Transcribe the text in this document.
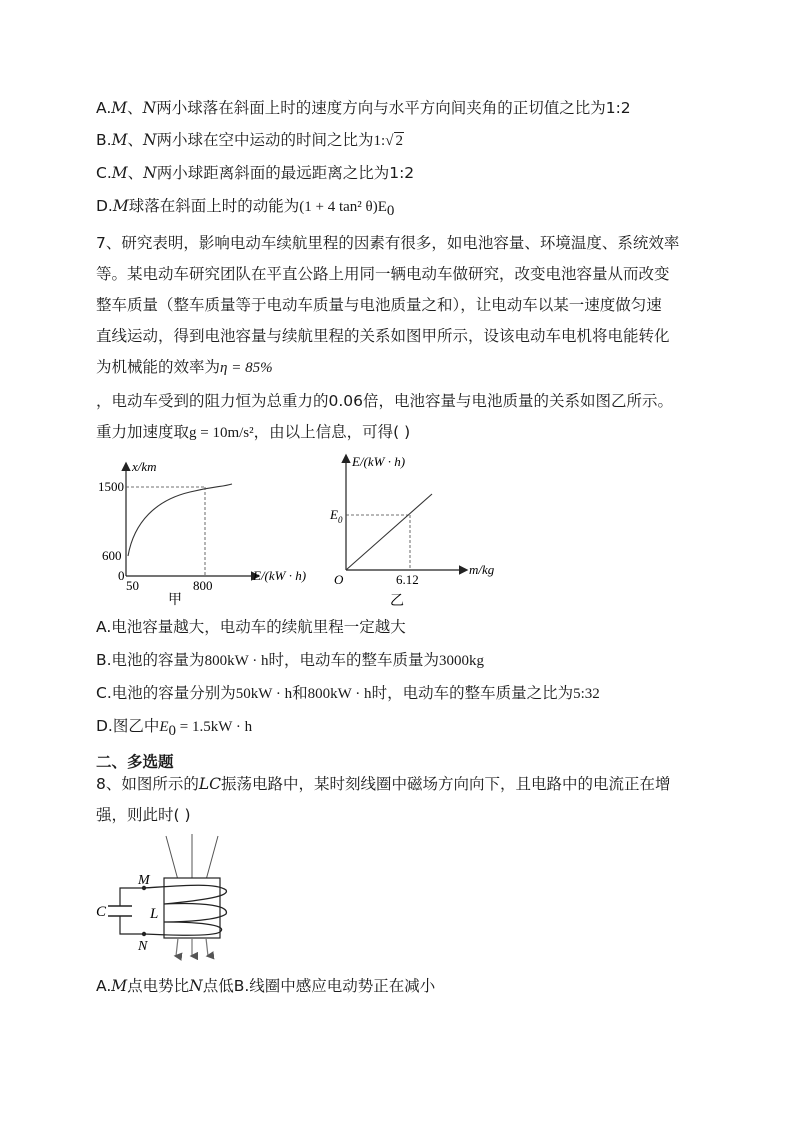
A.M、N两小球落在斜面上时的速度方向与水平方向间夹角的正切值之比为1:2
B.M、N两小球在空中运动的时间之比为1:√ 2
C.M、N两小球距离斜面的最远距离之比为1:2
D.M球落在斜面上时的动能为(1 + 4 tan² $\theta)E_0$
7、研究表明，影响电动车续航里程的因素有很多，如电池容量、环境温度、系统效率
等。某电动车研究团队在平直公路上用同一辆电动车做研究，改变电池容量从而改变
整车质量（整车质量等于电动车质量与电池质量之和），让电动车以某一速度做匀速
直线运动，得到电池容量与续航里程的关系如图甲所示，设该电动车电机将电能转化
为机械能的效率为η = 85%
，电动车受到的阻力恒为总重力的0.06倍，电池容量与电池质量的关系如图乙所示。
重力加速度取g = 10m/s²，由以上信息，可得( )
x/km
1500
600
0
50	800
E/(kW · h)
甲
E/(kW · h)
$E_0$
O	6.12
m/kg
乙
A.电池容量越大，电动车的续航里程一定越大
B.电池的容量为800kW · h时，电动车的整车质量为3000kg
C.电池的容量分别为50kW · h和800kW · h时，电动车的整车质量之比为5:32
D.图乙中$E_0 = 1.5kW \cdot h$
二、多选题
8、如图所示的LC振荡电路中，某时刻线圈中磁场方向向下，且电路中的电流正在增
强，则此时( )
M
N
C	L
A.M点电势比N点低B.线圈中感应电动势正在减小
